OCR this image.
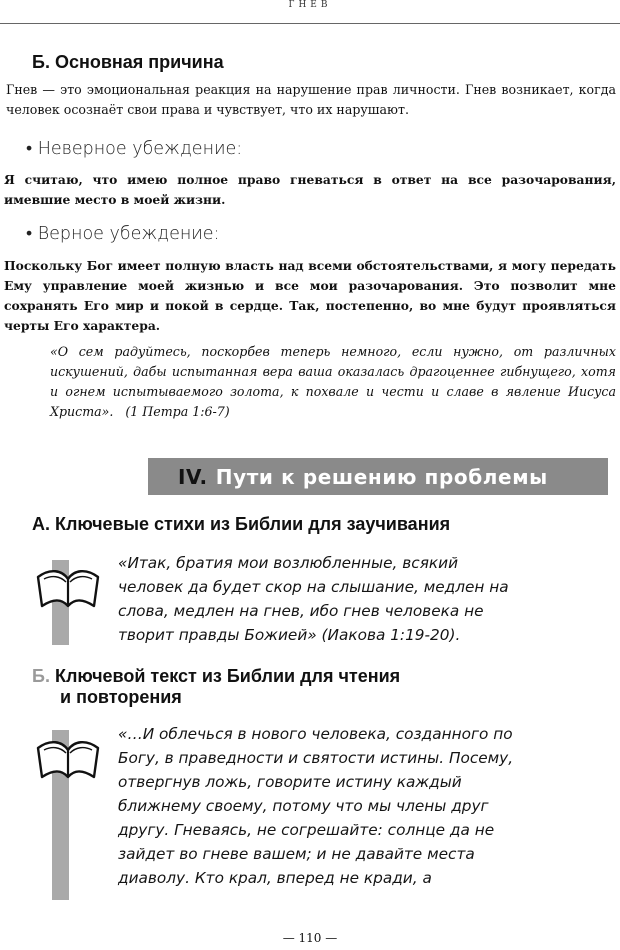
ГНЕВ
Б. Основная причина
Гнев — это эмоциональная реакция на нарушение прав личности. Гнев возникает, когда человек осознаёт свои права и чувствует, что их нарушают.
• Неверное убеждение:
Я считаю, что имею полное право гневаться в ответ на все разочарования, имевшие место в моей жизни.
• Верное убеждение:
Поскольку Бог имеет полную власть над всеми обстоятельствами, я могу передать Ему управление моей жизнью и все мои разочарования. Это позволит мне сохранять Его мир и покой в сердце. Так, постепенно, во мне будут проявляться черты Его характера.
«О сем радуйтесь, поскорбев теперь немного, если нужно, от различных искушений, дабы испытанная вера ваша оказалась драгоценнее гибнущего, хотя и огнем испытываемого золота, к похвале и чести и славе в явление Иисуса Христа». (1 Петра 1:6-7)
IV. Пути к решению проблемы
А. Ключевые стихи из Библии для заучивания
«Итак, братия мои возлюбленные, всякий человек да будет скор на слышание, медлен на слова, медлен на гнев, ибо гнев человека не творит правды Божией» (Иакова 1:19-20).
Б. Ключевой текст из Библии для чтения
и повторения
«…И облечься в нового человека, созданного по Богу, в праведности и святости истины. Посему, отвергнув ложь, говорите истину каждый ближнему своему, потому что мы члены друг другу. Гневаясь, не согрешайте: солнце да не зайдет во гневе вашем; и не давайте места диаволу. Кто крал, вперед не кради, а
— 110 —
